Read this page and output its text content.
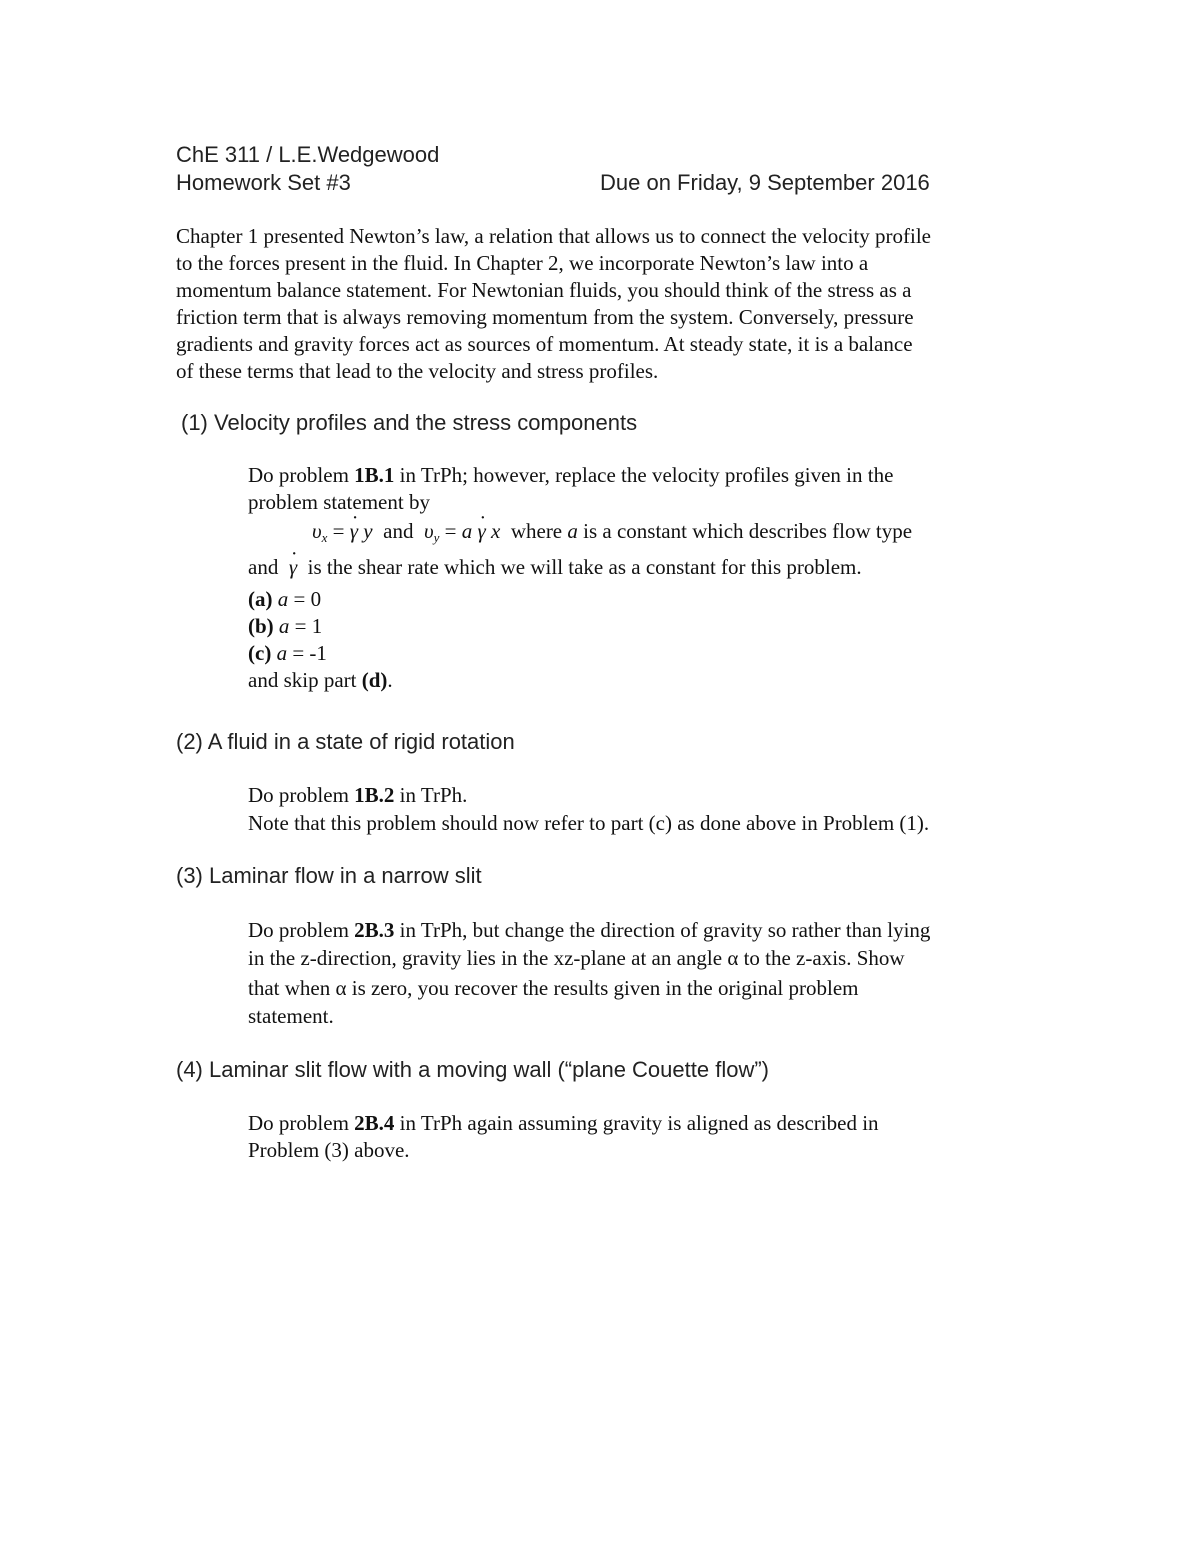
ChE 311 / L.E.Wedgewood
Homework Set #3	Due on Friday, 9 September 2016
Chapter 1 presented Newton’s law, a relation that allows us to connect the velocity profile
to the forces present in the fluid. In Chapter 2, we incorporate Newton’s law into a
momentum balance statement. For Newtonian fluids, you should think of the stress as a
friction term that is always removing momentum from the system. Conversely, pressure
gradients and gravity forces act as sources of momentum. At steady state, it is a balance
of these terms that lead to the velocity and stress profiles.
(1) Velocity profiles and the stress components
Do problem 1B.1 in TrPh; however, replace the velocity profiles given in the
problem statement by
$\upsilon_x$ = · γ y and $\upsilon_y = a \cdot \gamma$ x where a is a constant which describes flow type
and · γ is the shear rate which we will take as a constant for this problem.
(a) a = 0
(b) a = 1
(c) a = -1
and skip part (d).
(2) A fluid in a state of rigid rotation
Do problem 1B.2 in TrPh.
Note that this problem should now refer to part (c) as done above in Problem (1).
(3) Laminar flow in a narrow slit
Do problem 2B.3 in TrPh, but change the direction of gravity so rather than lying
in the z-direction, gravity lies in the xz-plane at an angle α to the z-axis. Show
that when α is zero, you recover the results given in the original problem
statement.
(4) Laminar slit flow with a moving wall (“plane Couette flow”)
Do problem 2B.4 in TrPh again assuming gravity is aligned as described in
Problem (3) above.
